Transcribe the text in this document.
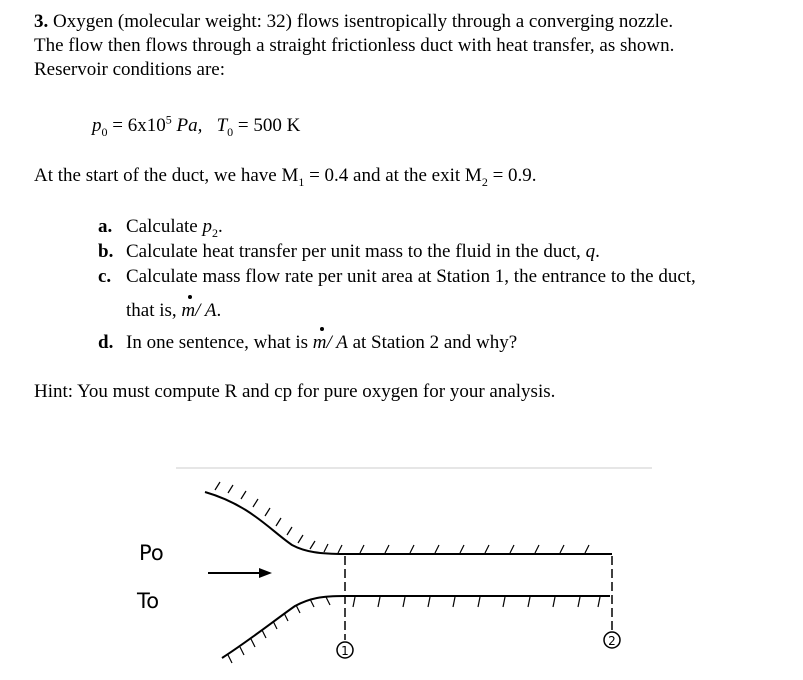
3. Oxygen (molecular weight: 32) flows isentropically through a converging nozzle.
The flow then flows through a straight frictionless duct with heat transfer, as shown.
Reservoir conditions are:
$p_0 = 6x10^5$ Pa, $T_0 = 500$ K
At the start of the duct, we have $M_1 = 0.4$ and at the exit $M_2 = 0.9$.
a. Calculate $p_2$.
b. Calculate heat transfer per unit mass to the fluid in the duct, q.
c. Calculate mass flow rate per unit area at Station 1, the entrance to the duct,
that is, m/ A.
d. In one sentence, what is m/ A at Station 2 and why?
Hint: You must compute R and cp for pure oxygen for your analysis.
1
2
Po
To
